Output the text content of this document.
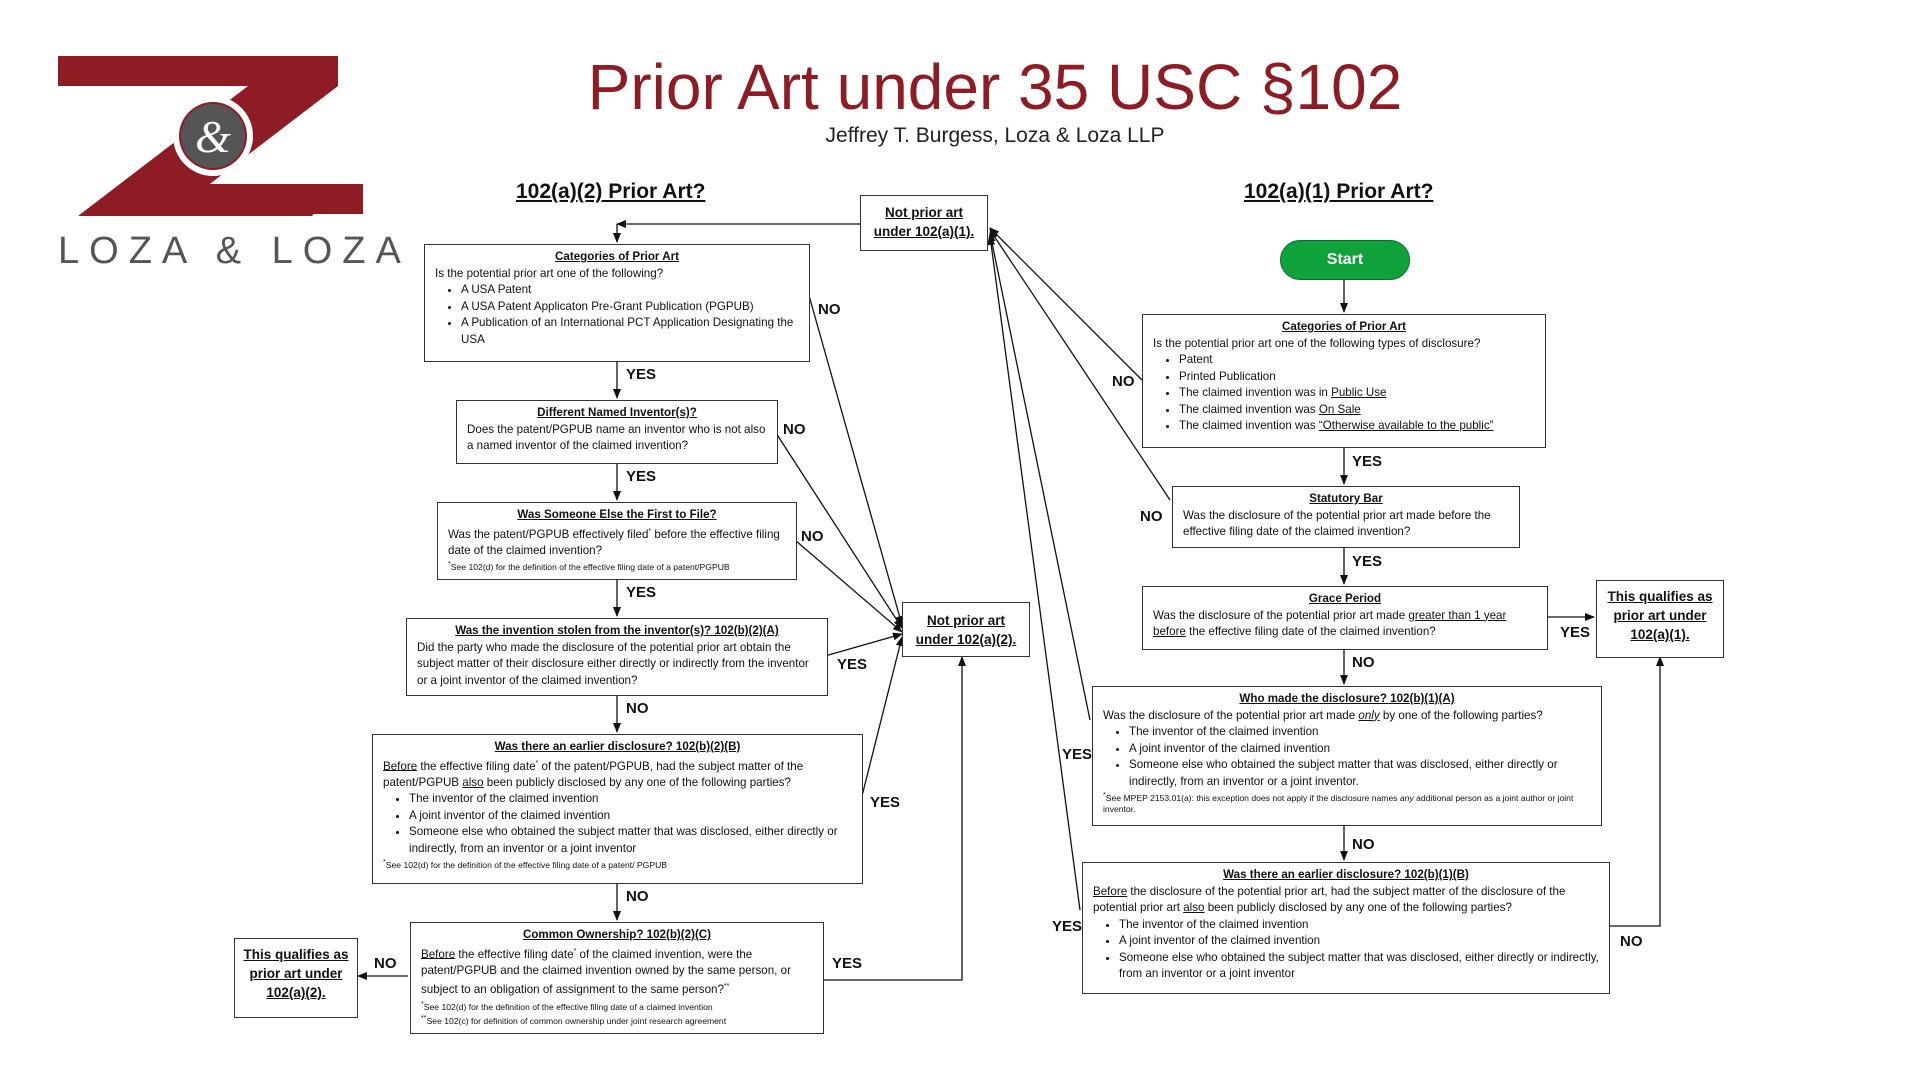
&
LOZA & LOZA
Prior Art under 35 USC §102
Jeffrey T. Burgess, Loza & Loza LLP
102(a)(2) Prior Art?
Categories of Prior Art
Is the potential prior art one of the following?
• A USA Patent
• A USA Patent Applicaton Pre-Grant Publication (PGPUB)
• A Publication of an International PCT Application Designating the USA
Different Named Inventor(s)?
Does the patent/PGPUB name an inventor who is not also a named inventor of the claimed invention?
Was Someone Else the First to File?
Was the patent/PGPUB effectively filed* before the effective filing date of the claimed invention?
*See 102(d) for the definition of the effective filing date of a patent/PGPUB
Was the invention stolen from the inventor(s)? 102(b)(2)(A)
Did the party who made the disclosure of the potential prior art obtain the subject matter of their disclosure either directly or indirectly from the inventor or a joint inventor of the claimed invention?
Was there an earlier disclosure? 102(b)(2)(B)
Before the effective filing date* of the patent/PGPUB, had the subject matter of the patent/PGPUB also been publicly disclosed by any one of the following parties?
• The inventor of the claimed invention
• A joint inventor of the claimed invention
• Someone else who obtained the subject matter that was disclosed, either directly or indirectly, from an inventor or a joint inventor
*See 102(d) for the definition of the effective filing date of a patent/ PGPUB
Common Ownership? 102(b)(2)(C)
Before the effective filing date* of the claimed invention, were the patent/PGPUB and the claimed invention owned by the same person, or subject to an obligation of assignment to the same person?**
*See 102(d) for the definition of the effective filing date of a claimed invention
**See 102(c) for definition of common ownership under joint research agreement
This qualifies as
prior art under
102(a)(2).
Not prior art
under 102(a)(1).
Not prior art
under 102(a)(2).
YES
YES
YES
NO
NO
NO
NO
NO
YES
YES
YES
NO
102(a)(1) Prior Art?
Start
Categories of Prior Art
Is the potential prior art one of the following types of disclosure?
• Patent
• Printed Publication
• The claimed invention was in Public Use
• The claimed invention was On Sale
• The claimed invention was “Otherwise available to the public”
Statutory Bar
Was the disclosure of the potential prior art made before the effective filing date of the claimed invention?
Grace Period
Was the disclosure of the potential prior art made greater than 1 year before the effective filing date of the claimed invention?
Who made the disclosure? 102(b)(1)(A)
Was the disclosure of the potential prior art made only by one of the following parties?
• The inventor of the claimed invention
• A joint inventor of the claimed invention
• Someone else who obtained the subject matter that was disclosed, either directly or indirectly, from an inventor or a joint inventor.
*See MPEP 2153.01(a): this exception does not apply if the disclosure names any additional person as a joint author or joint inventor.
Was there an earlier disclosure? 102(b)(1)(B)
Before the disclosure of the potential prior art, had the subject matter of the disclosure of the potential prior art also been publicly disclosed by any one of the following parties?
• The inventor of the claimed invention
• A joint inventor of the claimed invention
• Someone else who obtained the subject matter that was disclosed, either directly or indirectly, from an inventor or a joint inventor
This qualifies as
prior art under
102(a)(1).
YES
YES
NO
NO
NO
NO
YES
YES
YES
NO
